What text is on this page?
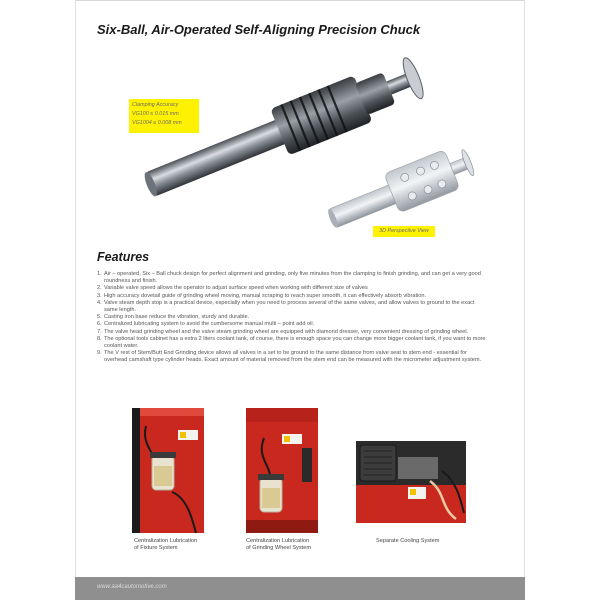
Six-Ball, Air-Operated Self-Aligning Precision Chuck
Clamping Accuracy
VG100 ≤ 0.015 mm
VG1004 ≤ 0.008 mm
3D Perspective View
Features
1. Air – operated, Six – Ball chuck design for perfect alignment and grinding, only five minutes from the clamping to finish grinding, and can get a very good roundness and finish.
2. Variable valve speed allows the operator to adjust surface speed when working with different size of valves
3. High accuracy dovetail guide of grinding wheel moving, manual scraping to reach super smooth, it can effectively absorb vibration.
4. Valve steam depth stop is a practical device, especially when you need to process several of the same valves, and allow valves to ground to the exact same length.
5. Casting iron base reduce the vibration, sturdy and durable.
6. Centralized lubricating system to avoid the cumbersome manual multi – point add oil.
7. The valve head grinding wheel and the valve steam grinding wheel are equipped with diamond dresser, very convenient dressing of grinding wheel.
8. The optional tools cabinet has a extra 2 liters coolant tank, of course, there is enough space you can change more bigger coolant tank, if you want to more coolant water.
9. The V rest of Stem/Butt End Grinding device allows all valves in a set to be ground to the same distance from valve seat to stem end - essential for overhead camshaft type cylinder heads. Exact amount of material removed from the stem end can be measured with the micrometer adjustment system.
Centralization Lubrication
of Fixture System
Centralization Lubrication
of Grinding Wheel System
Separate Cooling System
www.aa4cautomotive.com
